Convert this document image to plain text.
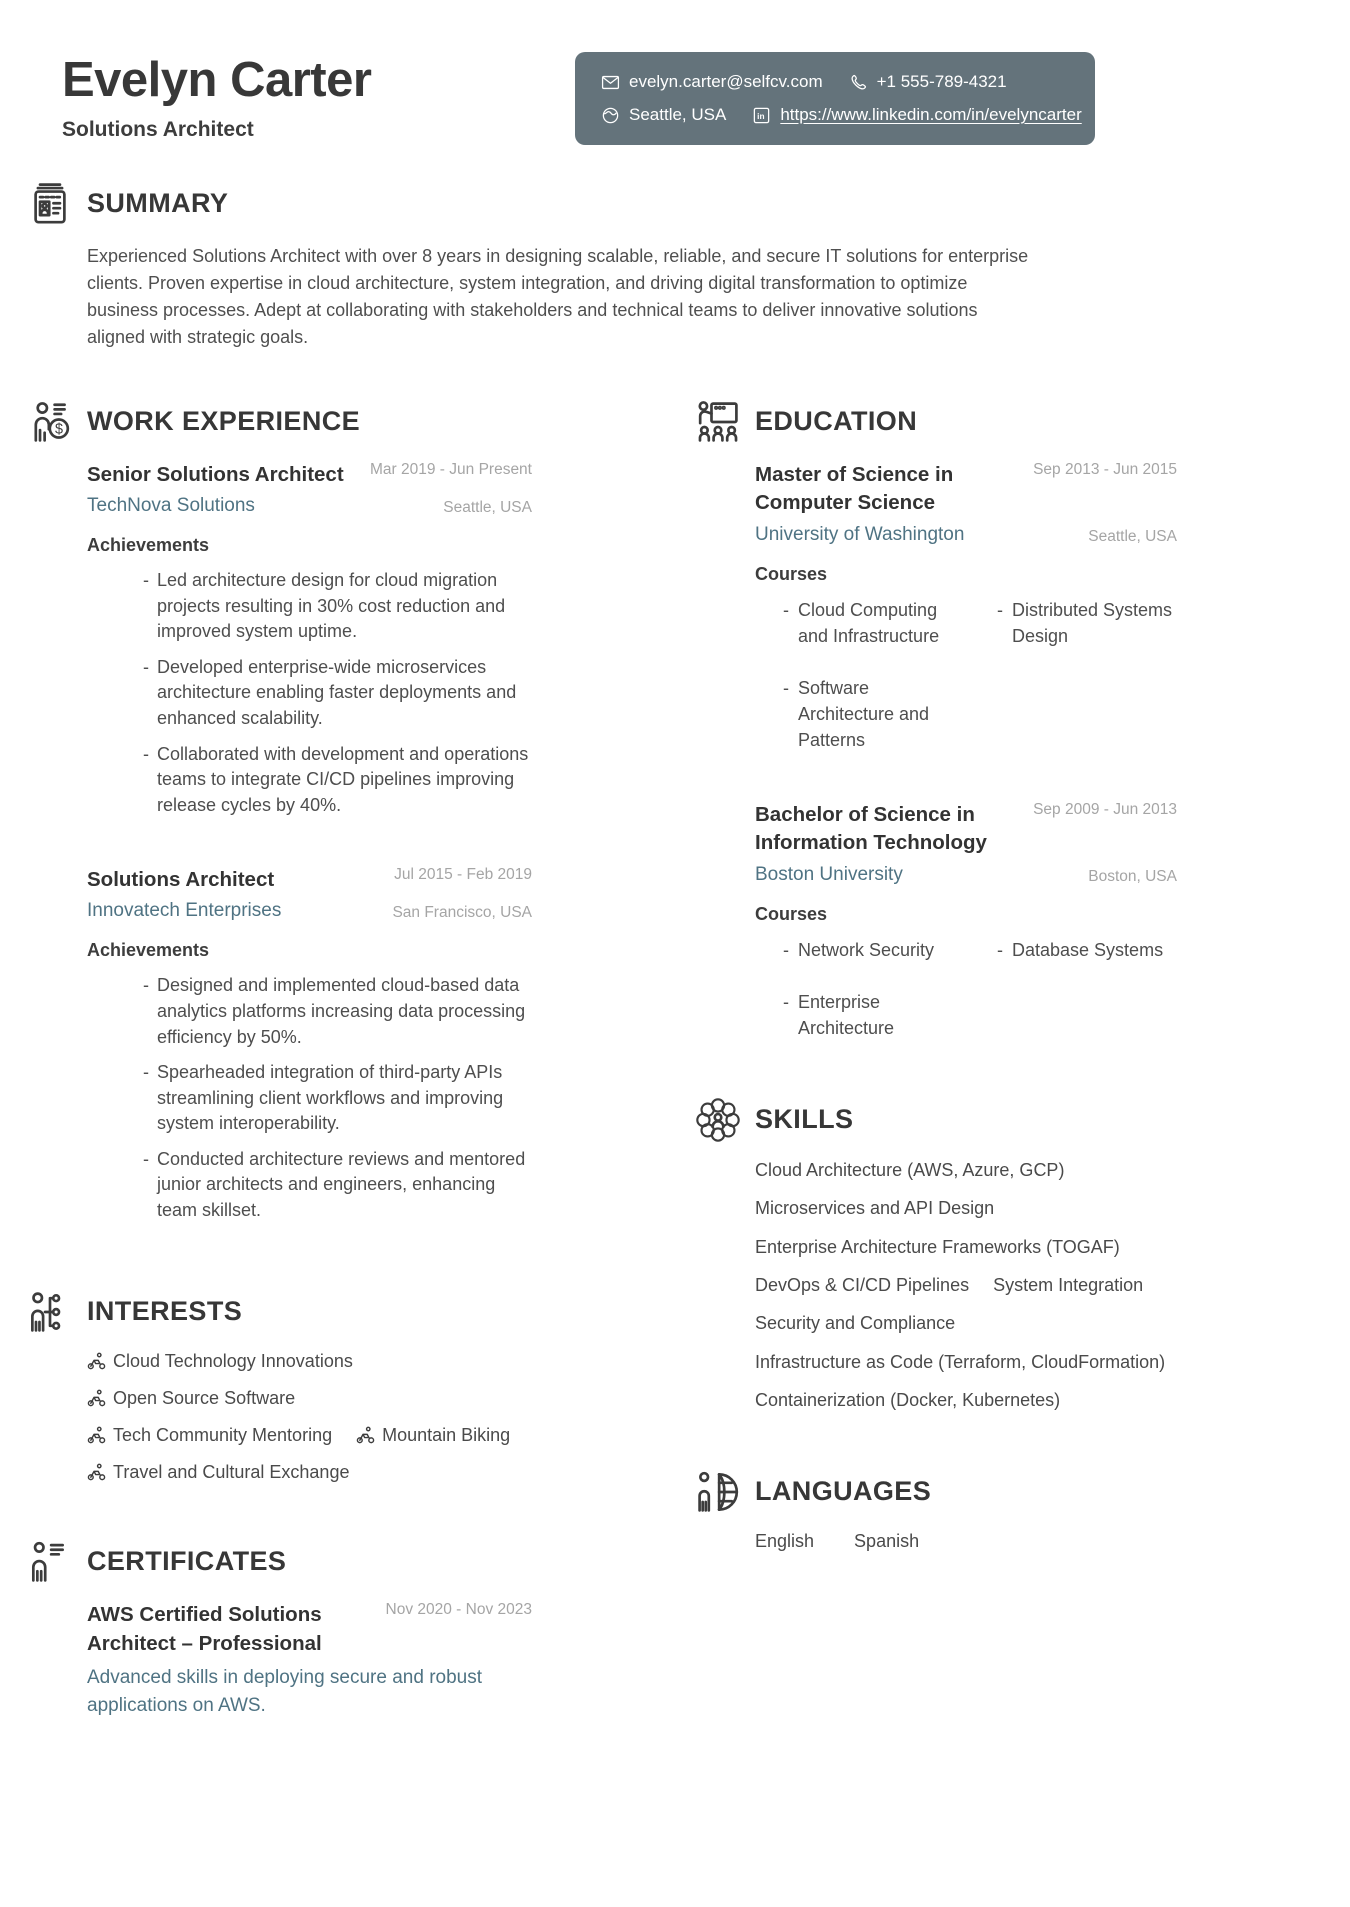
Evelyn Carter
Solutions Architect
evelyn.carter@selfcv.com	+1 555-789-4321
Seattle, USA	in https://www.linkedin.com/in/evelyncarter
SUMMARY

Experienced Solutions Architect with over 8 years in designing scalable, reliable, and secure IT solutions for enterprise clients. Proven expertise in cloud architecture, system integration, and driving digital transformation to optimize business processes. Adept at collaborating with stakeholders and technical teams to deliver innovative solutions aligned with strategic goals.

$ WORK EXPERIENCE
Senior Solutions Architect
TechNova Solutions
Mar 2019 - Jun Present
Seattle, USA
Achievements
- Led architecture design for cloud migration projects resulting in 30% cost reduction and improved system uptime.
- Developed enterprise-wide microservices architecture enabling faster deployments and enhanced scalability.
- Collaborated with development and operations teams to integrate CI/CD pipelines improving release cycles by 40%.
Solutions Architect
Innovatech Enterprises
Jul 2015 - Feb 2019
San Francisco, USA
Achievements
- Designed and implemented cloud-based data analytics platforms increasing data processing efficiency by 50%.
- Spearheaded integration of third-party APIs streamlining client workflows and improving system interoperability.
- Conducted architecture reviews and mentored junior architects and engineers, enhancing team skillset.
INTERESTS
Cloud Technology Innovations
Open Source Software
Tech Community Mentoring	Mountain Biking
Travel and Cultural Exchange
CERTIFICATES
AWS Certified Solutions Architect – Professional
Nov 2020 - Nov 2023
Advanced skills in deploying secure and robust applications on AWS.
EDUCATION
Master of Science in Computer Science
University of Washington
Sep 2013 - Jun 2015
Seattle, USA
Courses
- Cloud Computing and Infrastructure
- Distributed Systems Design
- Software Architecture and Patterns
Bachelor of Science in Information Technology
Boston University
Sep 2009 - Jun 2013
Boston, USA
Courses
- Network Security	- Database Systems
- Enterprise Architecture
SKILLS
Cloud Architecture (AWS, Azure, GCP)
Microservices and API Design
Enterprise Architecture Frameworks (TOGAF)
DevOps & CI/CD Pipelines System Integration
Security and Compliance
Infrastructure as Code (Terraform, CloudFormation)
Containerization (Docker, Kubernetes)
LANGUAGES
English Spanish
